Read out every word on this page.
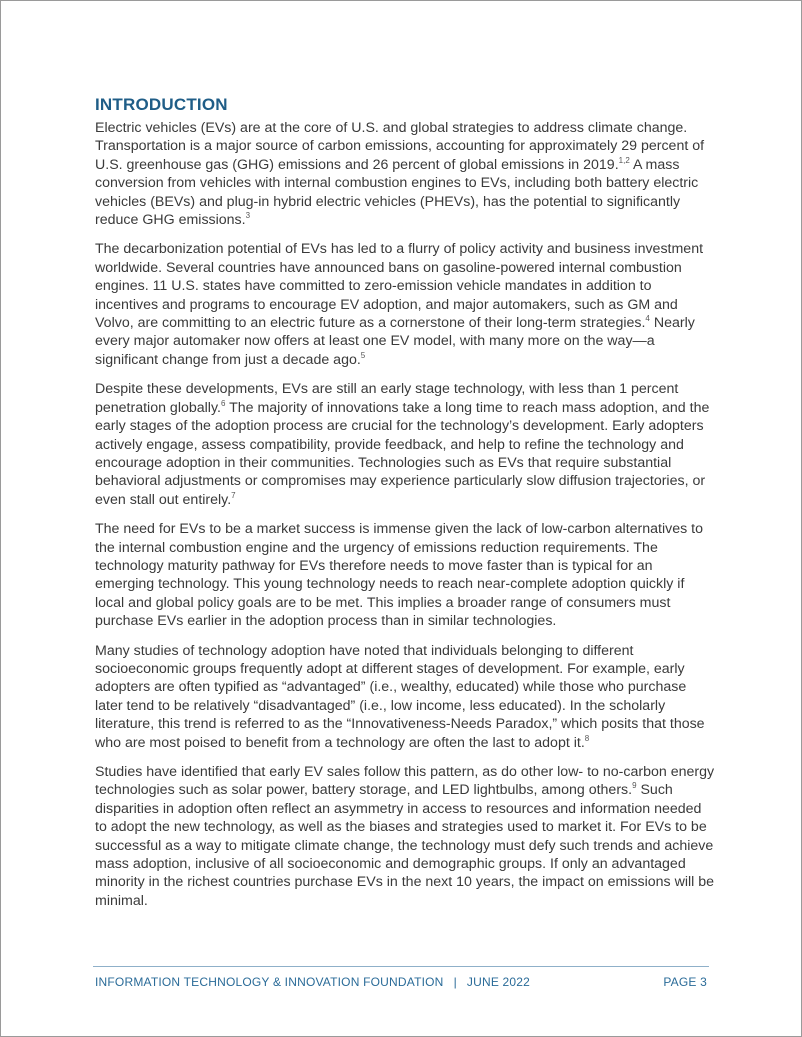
INTRODUCTION

Electric vehicles (EVs) are at the core of U.S. and global strategies to address climate change. Transportation is a major source of carbon emissions, accounting for approximately 29 percent of U.S. greenhouse gas (GHG) emissions and 26 percent of global emissions in 2019.$^{1,2}$ A mass conversion from vehicles with internal combustion engines to EVs, including both battery electric vehicles (BEVs) and plug-in hybrid electric vehicles (PHEVs), has the potential to significantly reduce GHG emissions.$^3$

The decarbonization potential of EVs has led to a flurry of policy activity and business investment worldwide. Several countries have announced bans on gasoline-powered internal combustion engines. 11 U.S. states have committed to zero-emission vehicle mandates in addition to incentives and programs to encourage EV adoption, and major automakers, such as GM and Volvo, are committing to an electric future as a cornerstone of their long-term strategies.$^4$ Nearly every major automaker now offers at least one EV model, with many more on the way—a significant change from just a decade ago.$^5$

Despite these developments, EVs are still an early stage technology, with less than 1 percent penetration globally.$^6$ The majority of innovations take a long time to reach mass adoption, and the early stages of the adoption process are crucial for the technology’s development. Early adopters actively engage, assess compatibility, provide feedback, and help to refine the technology and encourage adoption in their communities. Technologies such as EVs that require substantial behavioral adjustments or compromises may experience particularly slow diffusion trajectories, or even stall out entirely.$^7$

The need for EVs to be a market success is immense given the lack of low-carbon alternatives to the internal combustion engine and the urgency of emissions reduction requirements. The technology maturity pathway for EVs therefore needs to move faster than is typical for an emerging technology. This young technology needs to reach near-complete adoption quickly if local and global policy goals are to be met. This implies a broader range of consumers must purchase EVs earlier in the adoption process than in similar technologies.

Many studies of technology adoption have noted that individuals belonging to different socioeconomic groups frequently adopt at different stages of development. For example, early adopters are often typified as “advantaged” (i.e., wealthy, educated) while those who purchase later tend to be relatively “disadvantaged” (i.e., low income, less educated). In the scholarly literature, this trend is referred to as the “Innovativeness-Needs Paradox,” which posits that those who are most poised to benefit from a technology are often the last to adopt it.$^8$

Studies have identified that early EV sales follow this pattern, as do other low- to no-carbon energy technologies such as solar power, battery storage, and LED lightbulbs, among others.$^9$ Such disparities in adoption often reflect an asymmetry in access to resources and information needed to adopt the new technology, as well as the biases and strategies used to market it. For EVs to be successful as a way to mitigate climate change, the technology must defy such trends and achieve mass adoption, inclusive of all socioeconomic and demographic groups. If only an advantaged minority in the richest countries purchase EVs in the next 10 years, the impact on emissions will be minimal.

INFORMATION TECHNOLOGY & INNOVATION FOUNDATION | JUNE 2022	PAGE 3
